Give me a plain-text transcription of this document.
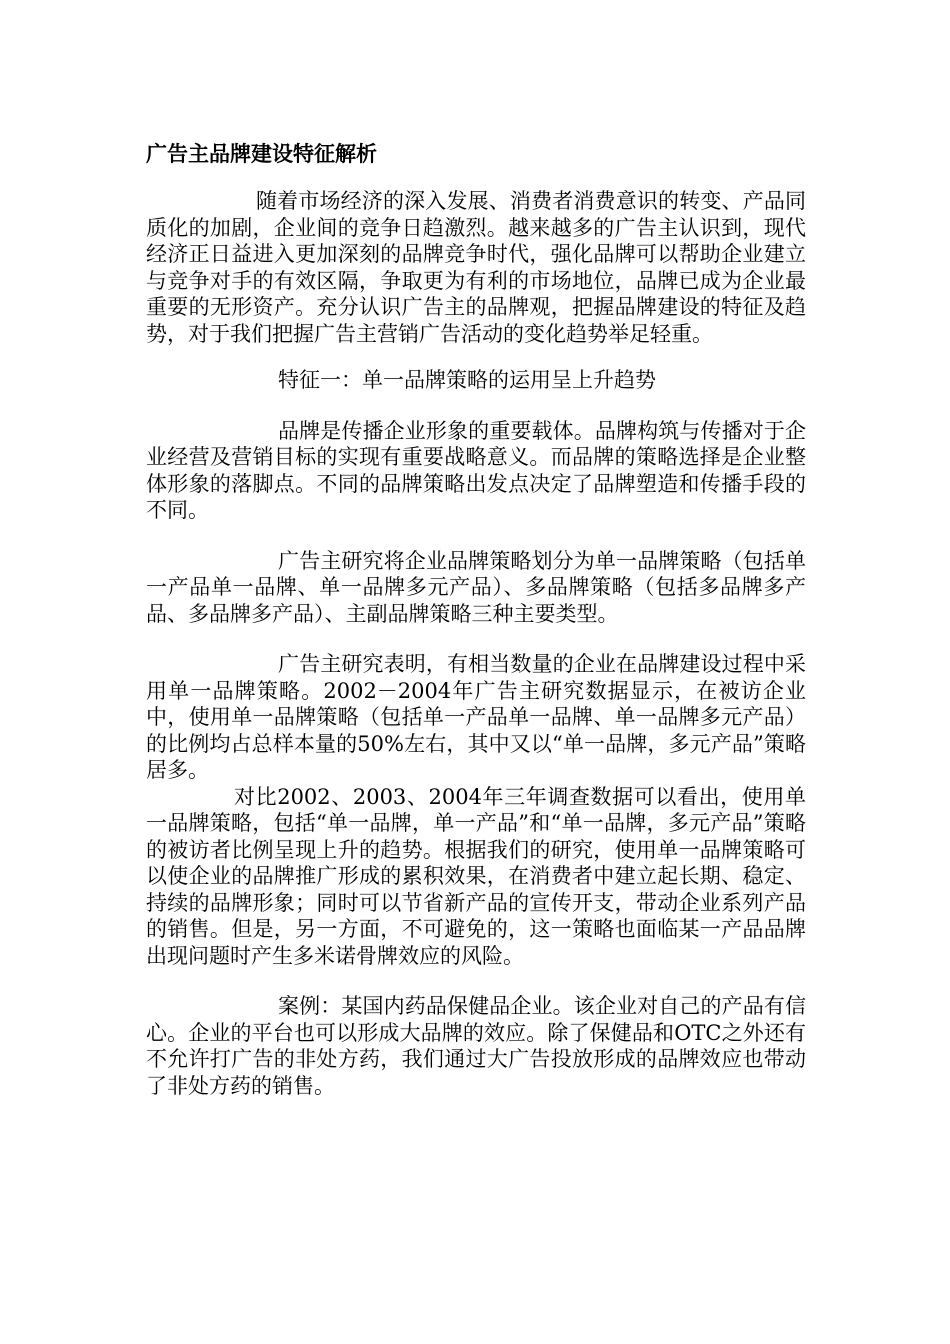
广告主品牌建设特征解析

随着市场经济的深入发展、消费者消费意识的转变、产品同质化的加剧，企业间的竞争日趋激烈。越来越多的广告主认识到，现代经济正日益进入更加深刻的品牌竞争时代，强化品牌可以帮助企业建立与竞争对手的有效区隔，争取更为有利的市场地位，品牌已成为企业最重要的无形资产。充分认识广告主的品牌观，把握品牌建设的特征及趋势，对于我们把握广告主营销广告活动的变化趋势举足轻重。

特征一：单一品牌策略的运用呈上升趋势

品牌是传播企业形象的重要载体。品牌构筑与传播对于企业经营及营销目标的实现有重要战略意义。而品牌的策略选择是企业整体形象的落脚点。不同的品牌策略出发点决定了品牌塑造和传播手段的不同。

广告主研究将企业品牌策略划分为单一品牌策略（包括单一产品单一品牌、单一品牌多元产品）、多品牌策略（包括多品牌多产品、多品牌多产品）、主副品牌策略三种主要类型。

广告主研究表明，有相当数量的企业在品牌建设过程中采用单一品牌策略。2002－2004年广告主研究数据显示，在被访企业中，使用单一品牌策略（包括单一产品单一品牌、单一品牌多元产品）的比例均占总样本量的50%左右，其中又以“单一品牌，多元产品”策略居多。

对比2002、2003、2004年三年调查数据可以看出，使用单一品牌策略，包括“单一品牌，单一产品”和“单一品牌，多元产品”策略的被访者比例呈现上升的趋势。根据我们的研究，使用单一品牌策略可以使企业的品牌推广形成的累积效果，在消费者中建立起长期、稳定、持续的品牌形象；同时可以节省新产品的宣传开支，带动企业系列产品的销售。但是，另一方面，不可避免的，这一策略也面临某一产品品牌出现问题时产生多米诺骨牌效应的风险。

案例：某国内药品保健品企业。该企业对自己的产品有信心。企业的平台也可以形成大品牌的效应。除了保健品和OTC之外还有不允许打广告的非处方药，我们通过大广告投放形成的品牌效应也带动了非处方药的销售。
